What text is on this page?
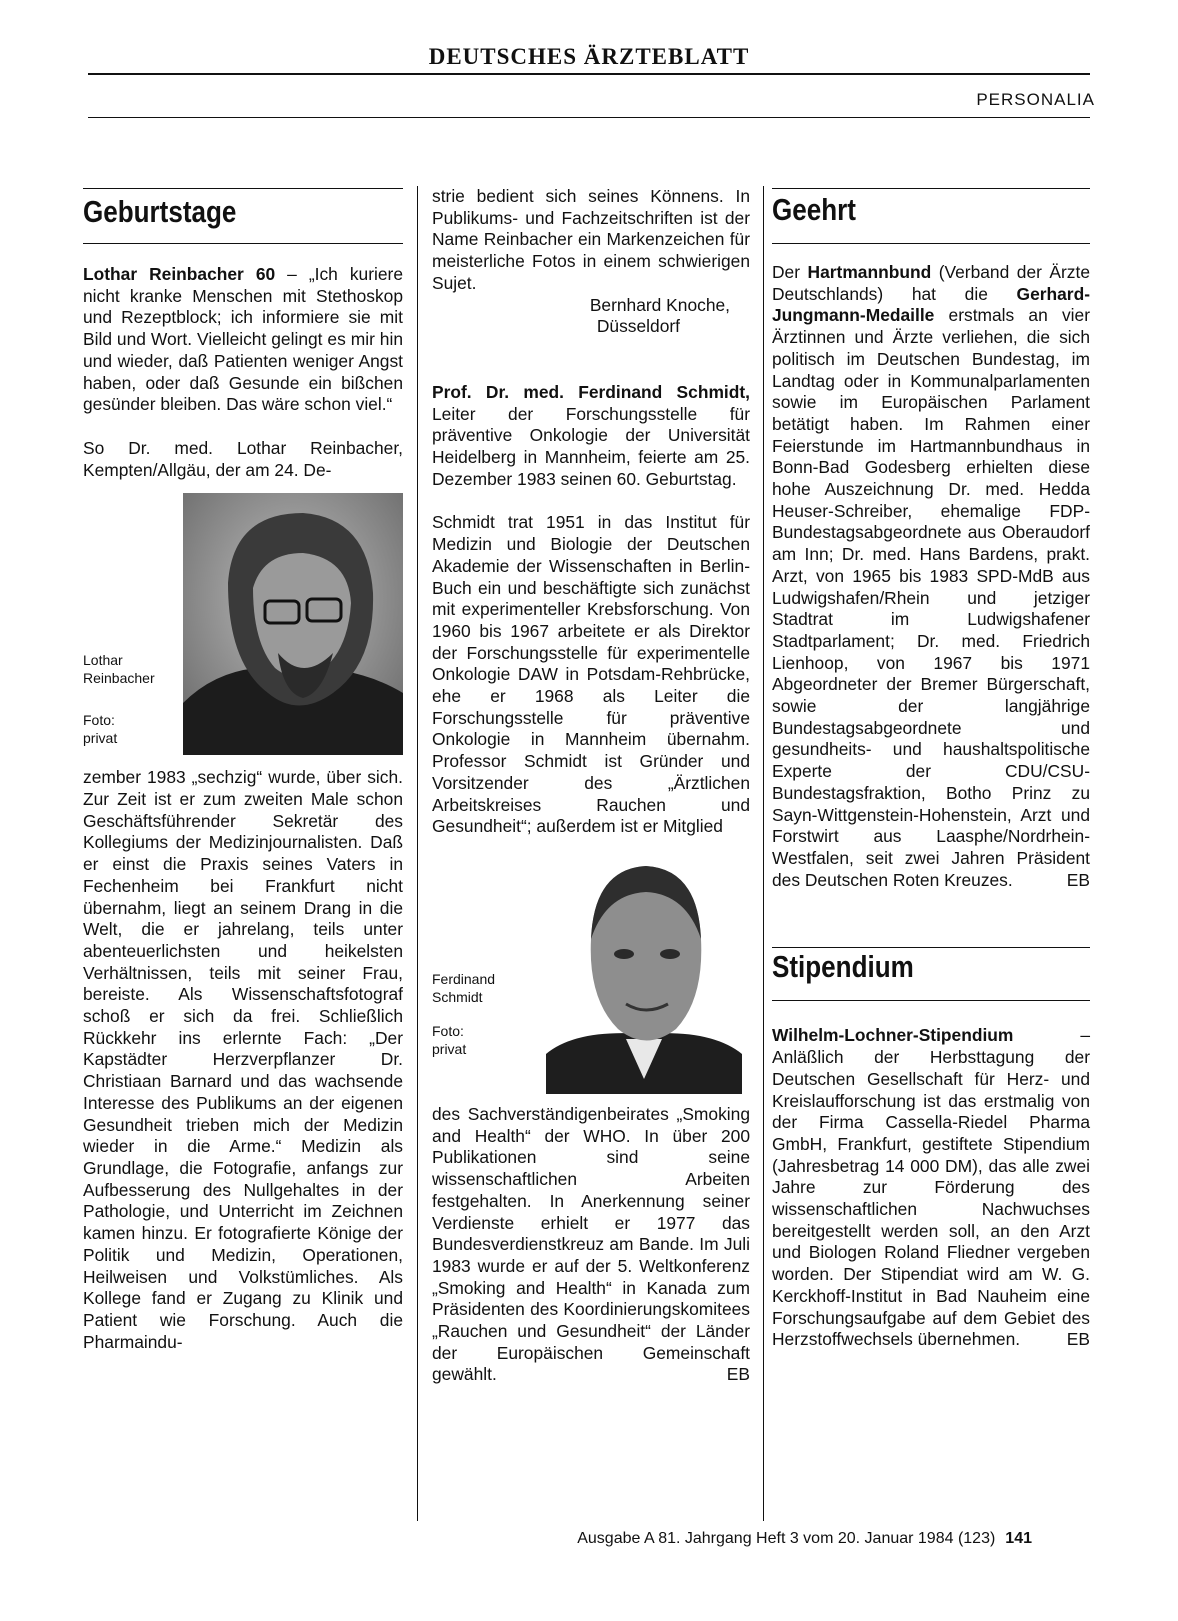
DEUTSCHES ÄRZTEBLATT
PERSONALIA
Geburtstage

Lothar Reinbacher 60 – „Ich kuriere nicht kranke Menschen mit Stethoskop und Rezeptblock; ich informiere sie mit Bild und Wort. Vielleicht gelingt es mir hin und wieder, daß Patienten weniger Angst haben, oder daß Gesunde ein bißchen gesünder bleiben. Das wäre schon viel.“

So Dr. med. Lothar Reinbacher, Kempten/Allgäu, der am 24. De-

Lothar Reinbacher
Foto: privat

zember 1983 „sechzig“ wurde, über sich. Zur Zeit ist er zum zweiten Male schon Geschäftsführender Sekretär des Kollegiums der Medizinjournalisten. Daß er einst die Praxis seines Vaters in Fechenheim bei Frankfurt nicht übernahm, liegt an seinem Drang in die Welt, die er jahrelang, teils unter abenteuerlichsten und heikelsten Verhältnissen, teils mit seiner Frau, bereiste. Als Wissenschaftsfotograf schoß er sich da frei. Schließlich Rückkehr ins erlernte Fach: „Der Kapstädter Herzverpflanzer Dr. Christiaan Barnard und das wachsende Interesse des Publikums an der eigenen Gesundheit trieben mich der Medizin wieder in die Arme.“ Medizin als Grundlage, die Fotografie, anfangs zur Aufbesserung des Nullgehaltes in der Pathologie, und Unterricht im Zeichnen kamen hinzu. Er fotografierte Könige der Politik und Medizin, Operationen, Heilweisen und Volkstümliches. Als Kollege fand er Zugang zu Klinik und Patient wie Forschung. Auch die Pharmaindu-

strie bedient sich seines Könnens. In Publikums- und Fachzeitschriften ist der Name Reinbacher ein Markenzeichen für meisterliche Fotos in einem schwierigen Sujet.

Bernhard Knoche,

Düsseldorf

Prof. Dr. med. Ferdinand Schmidt, Leiter der Forschungsstelle für präventive Onkologie der Universität Heidelberg in Mannheim, feierte am 25. Dezember 1983 seinen 60. Geburtstag.

Schmidt trat 1951 in das Institut für Medizin und Biologie der Deutschen Akademie der Wissenschaften in Berlin-Buch ein und beschäftigte sich zunächst mit experimenteller Krebsforschung. Von 1960 bis 1967 arbeitete er als Direktor der Forschungsstelle für experimentelle Onkologie DAW in Potsdam-Rehbrücke, ehe er 1968 als Leiter die Forschungsstelle für präventive Onkologie in Mannheim übernahm. Professor Schmidt ist Gründer und Vorsitzender des „Ärztlichen Arbeitskreises Rauchen und Gesundheit“; außerdem ist er Mitglied

Ferdinand Schmidt
Foto: privat

des Sachverständigenbeirates „Smoking and Health“ der WHO. In über 200 Publikationen sind seine wissenschaftlichen Arbeiten festgehalten. In Anerkennung seiner Verdienste erhielt er 1977 das Bundesverdienstkreuz am Bande. Im Juli 1983 wurde er auf der 5. Weltkonferenz „Smoking and Health“ in Kanada zum Präsidenten des Koordinierungskomitees „Rauchen und Gesundheit“ der Länder der Europäischen Gemeinschaft gewählt.	EB

Geehrt

Der Hartmannbund (Verband der Ärzte Deutschlands) hat die Gerhard-Jungmann-Medaille erstmals an vier Ärztinnen und Ärzte verliehen, die sich politisch im Deutschen Bundestag, im Landtag oder in Kommunalparlamenten sowie im Europäischen Parlament betätigt haben. Im Rahmen einer Feierstunde im Hartmannbundhaus in Bonn-Bad Godesberg erhielten diese hohe Auszeichnung Dr. med. Hedda Heuser-Schreiber, ehemalige FDP-Bundestagsabgeordnete aus Oberaudorf am Inn; Dr. med. Hans Bardens, prakt. Arzt, von 1965 bis 1983 SPD-MdB aus Ludwigshafen/Rhein und jetziger Stadtrat im Ludwigshafener Stadtparlament; Dr. med. Friedrich Lienhoop, von 1967 bis 1971 Abgeordneter der Bremer Bürgerschaft, sowie der langjährige Bundestagsabgeordnete und gesundheits- und haushaltspolitische Experte der CDU/CSU-Bundestagsfraktion, Botho Prinz zu Sayn-Wittgenstein-Hohenstein, Arzt und Forstwirt aus Laasphe/Nordrhein-Westfalen, seit zwei Jahren Präsident des Deutschen Roten Kreuzes.	EB

Stipendium

Wilhelm-Lochner-Stipendium – Anläßlich der Herbsttagung der Deutschen Gesellschaft für Herz- und Kreislaufforschung ist das erstmalig von der Firma Cassella-Riedel Pharma GmbH, Frankfurt, gestiftete Stipendium (Jahresbetrag 14 000 DM), das alle zwei Jahre zur Förderung des wissenschaftlichen Nachwuchses bereitgestellt werden soll, an den Arzt und Biologen Roland Fliedner vergeben worden. Der Stipendiat wird am W. G. Kerckhoff-Institut in Bad Nauheim eine Forschungsaufgabe auf dem Gebiet des Herzstoffwechsels übernehmen.	EB

Ausgabe A 81. Jahrgang Heft 3 vom 20. Januar 1984 (123) 141
